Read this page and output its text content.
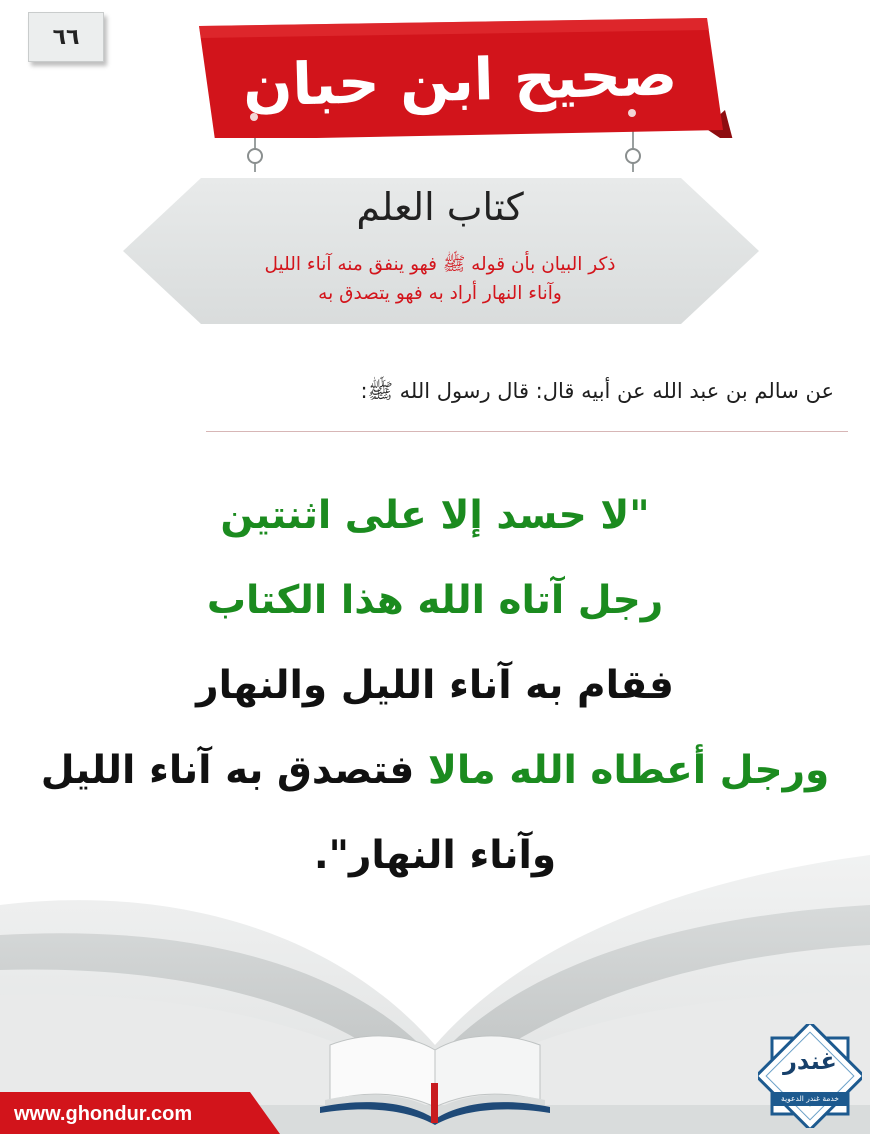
٦٦
صحيح ابن حبان
كتاب العلم
ذكر البيان بأن قوله ﷺ فهو ينفق منه آناء الليل
وآناء النهار أراد به فهو يتصدق به
عن سالم بن عبد الله عن أبيه قال: قال رسول الله ﷺ:
"لا حسد إلا على اثنتين
رجل آتاه الله هذا الكتاب
فقام به آناء الليل والنهار
ورجل أعطاه الله مالا فتصدق به آناء الليل
وآناء النهار".
www.ghondur.com
غندر
خدمة غندر الدعوية
